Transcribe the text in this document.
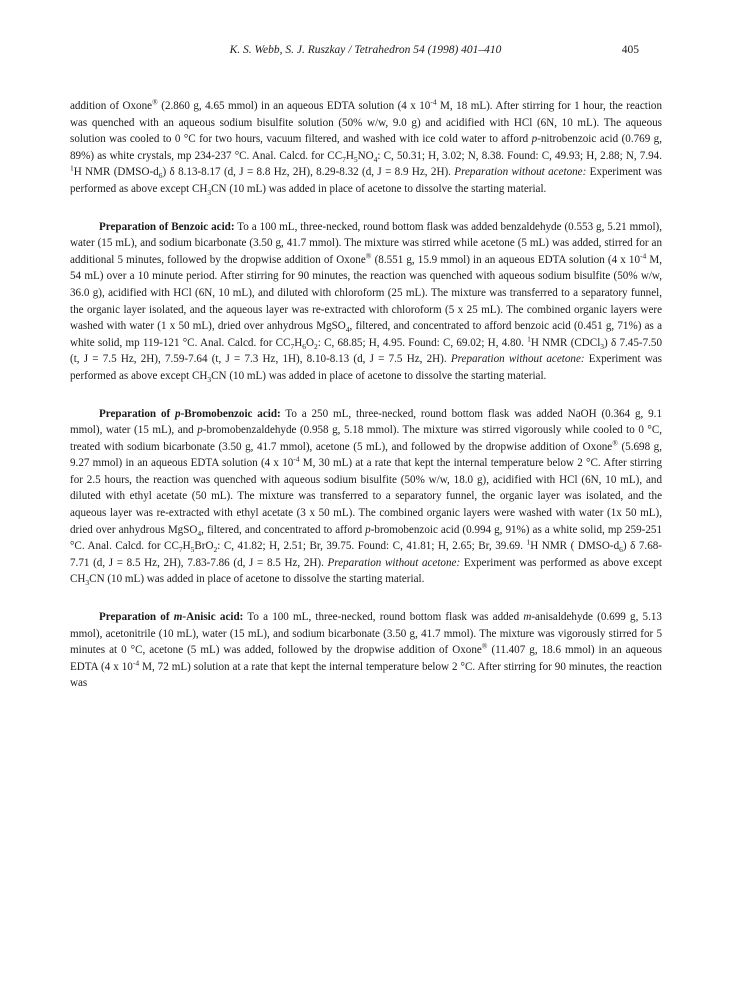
K. S. Webb, S. J. Ruszkay / Tetrahedron 54 (1998) 401–410	405

addition of Oxone® (2.860 g, 4.65 mmol) in an aqueous EDTA solution (4 x $10^{-4}$ M, 18 mL). After stirring for 1 hour, the reaction was quenched with an aqueous sodium bisulfite solution (50% w/w, 9.0 g) and acidified with HCl (6N, 10 mL). The aqueous solution was cooled to 0 °C for two hours, vacuum filtered, and washed with ice cold water to afford p-nitrobenzoic acid (0.769 g, 89%) as white crystals, mp 234-237 °C. Anal. Calcd. for $CC_7H_5NO_4$: C, 50.31; H, 3.02; N, 8.38. Found: C, 49.93; H, 2.88; N, 7.94. $^1$H NMR $(DMSO-d_6)$ δ 8.13-8.17 (d, J = 8.8 Hz, 2H), 8.29-8.32 (d, J = 8.9 Hz, 2H). Preparation without acetone: Experiment was performed as above except $CH_3CN$ (10 mL) was added in place of acetone to dissolve the starting material.

Preparation of Benzoic acid: To a 100 mL, three-necked, round bottom flask was added benzaldehyde (0.553 g, 5.21 mmol), water (15 mL), and sodium bicarbonate (3.50 g, 41.7 mmol). The mixture was stirred while acetone (5 mL) was added, stirred for an additional 5 minutes, followed by the dropwise addition of Oxone® (8.551 g, 15.9 mmol) in an aqueous EDTA solution (4 x $10^{-4}$ M, 54 mL) over a 10 minute period. After stirring for 90 minutes, the reaction was quenched with aqueous sodium bisulfite (50% w/w, 36.0 g), acidified with HCl (6N, 10 mL), and diluted with chloroform (25 mL). The mixture was transferred to a separatory funnel, the organic layer isolated, and the aqueous layer was re-extracted with chloroform (5 x 25 mL). The combined organic layers were washed with water (1 x 50 mL), dried over anhydrous MgSO$_4$, filtered, and concentrated to afford benzoic acid (0.451 g, 71%) as a white solid, mp 119-121 °C. Anal. Calcd. for $CC_7H_6O_2$: C, 68.85; H, 4.95. Found: C, 69.02; H, 4.80. $^1$H NMR (CDCl$_3$) δ 7.45-7.50 (t, J = 7.5 Hz, 2H), 7.59-7.64 (t, J = 7.3 Hz, 1H), 8.10-8.13 (d, J = 7.5 Hz, 2H). Preparation without acetone: Experiment was performed as above except $CH_3CN$ (10 mL) was added in place of acetone to dissolve the starting material.

Preparation of p-Bromobenzoic acid: To a 250 mL, three-necked, round bottom flask was added NaOH (0.364 g, 9.1 mmol), water (15 mL), and p-bromobenzaldehyde (0.958 g, 5.18 mmol). The mixture was stirred vigorously while cooled to 0 °C, treated with sodium bicarbonate (3.50 g, 41.7 mmol), acetone (5 mL), and followed by the dropwise addition of Oxone® (5.698 g, 9.27 mmol) in an aqueous EDTA solution (4 x $10^{-4}$ M, 30 mL) at a rate that kept the internal temperature below 2 °C. After stirring for 2.5 hours, the reaction was quenched with aqueous sodium bisulfite (50% w/w, 18.0 g), acidified with HCl (6N, 10 mL), and diluted with ethyl acetate (50 mL). The mixture was transferred to a separatory funnel, the organic layer was isolated, and the aqueous layer was re-extracted with ethyl acetate (3 x 50 mL). The combined organic layers were washed with water (1x 50 mL), dried over anhydrous MgSO$_4$, filtered, and concentrated to afford p-bromobenzoic acid (0.994 g, 91%) as a white solid, mp 259-251 °C. Anal. Calcd. for $CC_7H_5BrO_2$: C, 41.82; H, 2.51; Br, 39.75. Found: C, 41.81; H, 2.65; Br, 39.69. $^1$H NMR ( DMSO-$d_6$) δ 7.68-7.71 (d, J = 8.5 Hz, 2H), 7.83-7.86 (d, J = 8.5 Hz, 2H). Preparation without acetone: Experiment was performed as above except $CH_3CN$ (10 mL) was added in place of acetone to dissolve the starting material.

Preparation of m-Anisic acid: To a 100 mL, three-necked, round bottom flask was added m-anisaldehyde (0.699 g, 5.13 mmol), acetonitrile (10 mL), water (15 mL), and sodium bicarbonate (3.50 g, 41.7 mmol). The mixture was vigorously stirred for 5 minutes at 0 °C, acetone (5 mL) was added, followed by the dropwise addition of Oxone® (11.407 g, 18.6 mmol) in an aqueous EDTA (4 x $10^{-4}$ M, 72 mL) solution at a rate that kept the internal temperature below 2 °C. After stirring for 90 minutes, the reaction was
